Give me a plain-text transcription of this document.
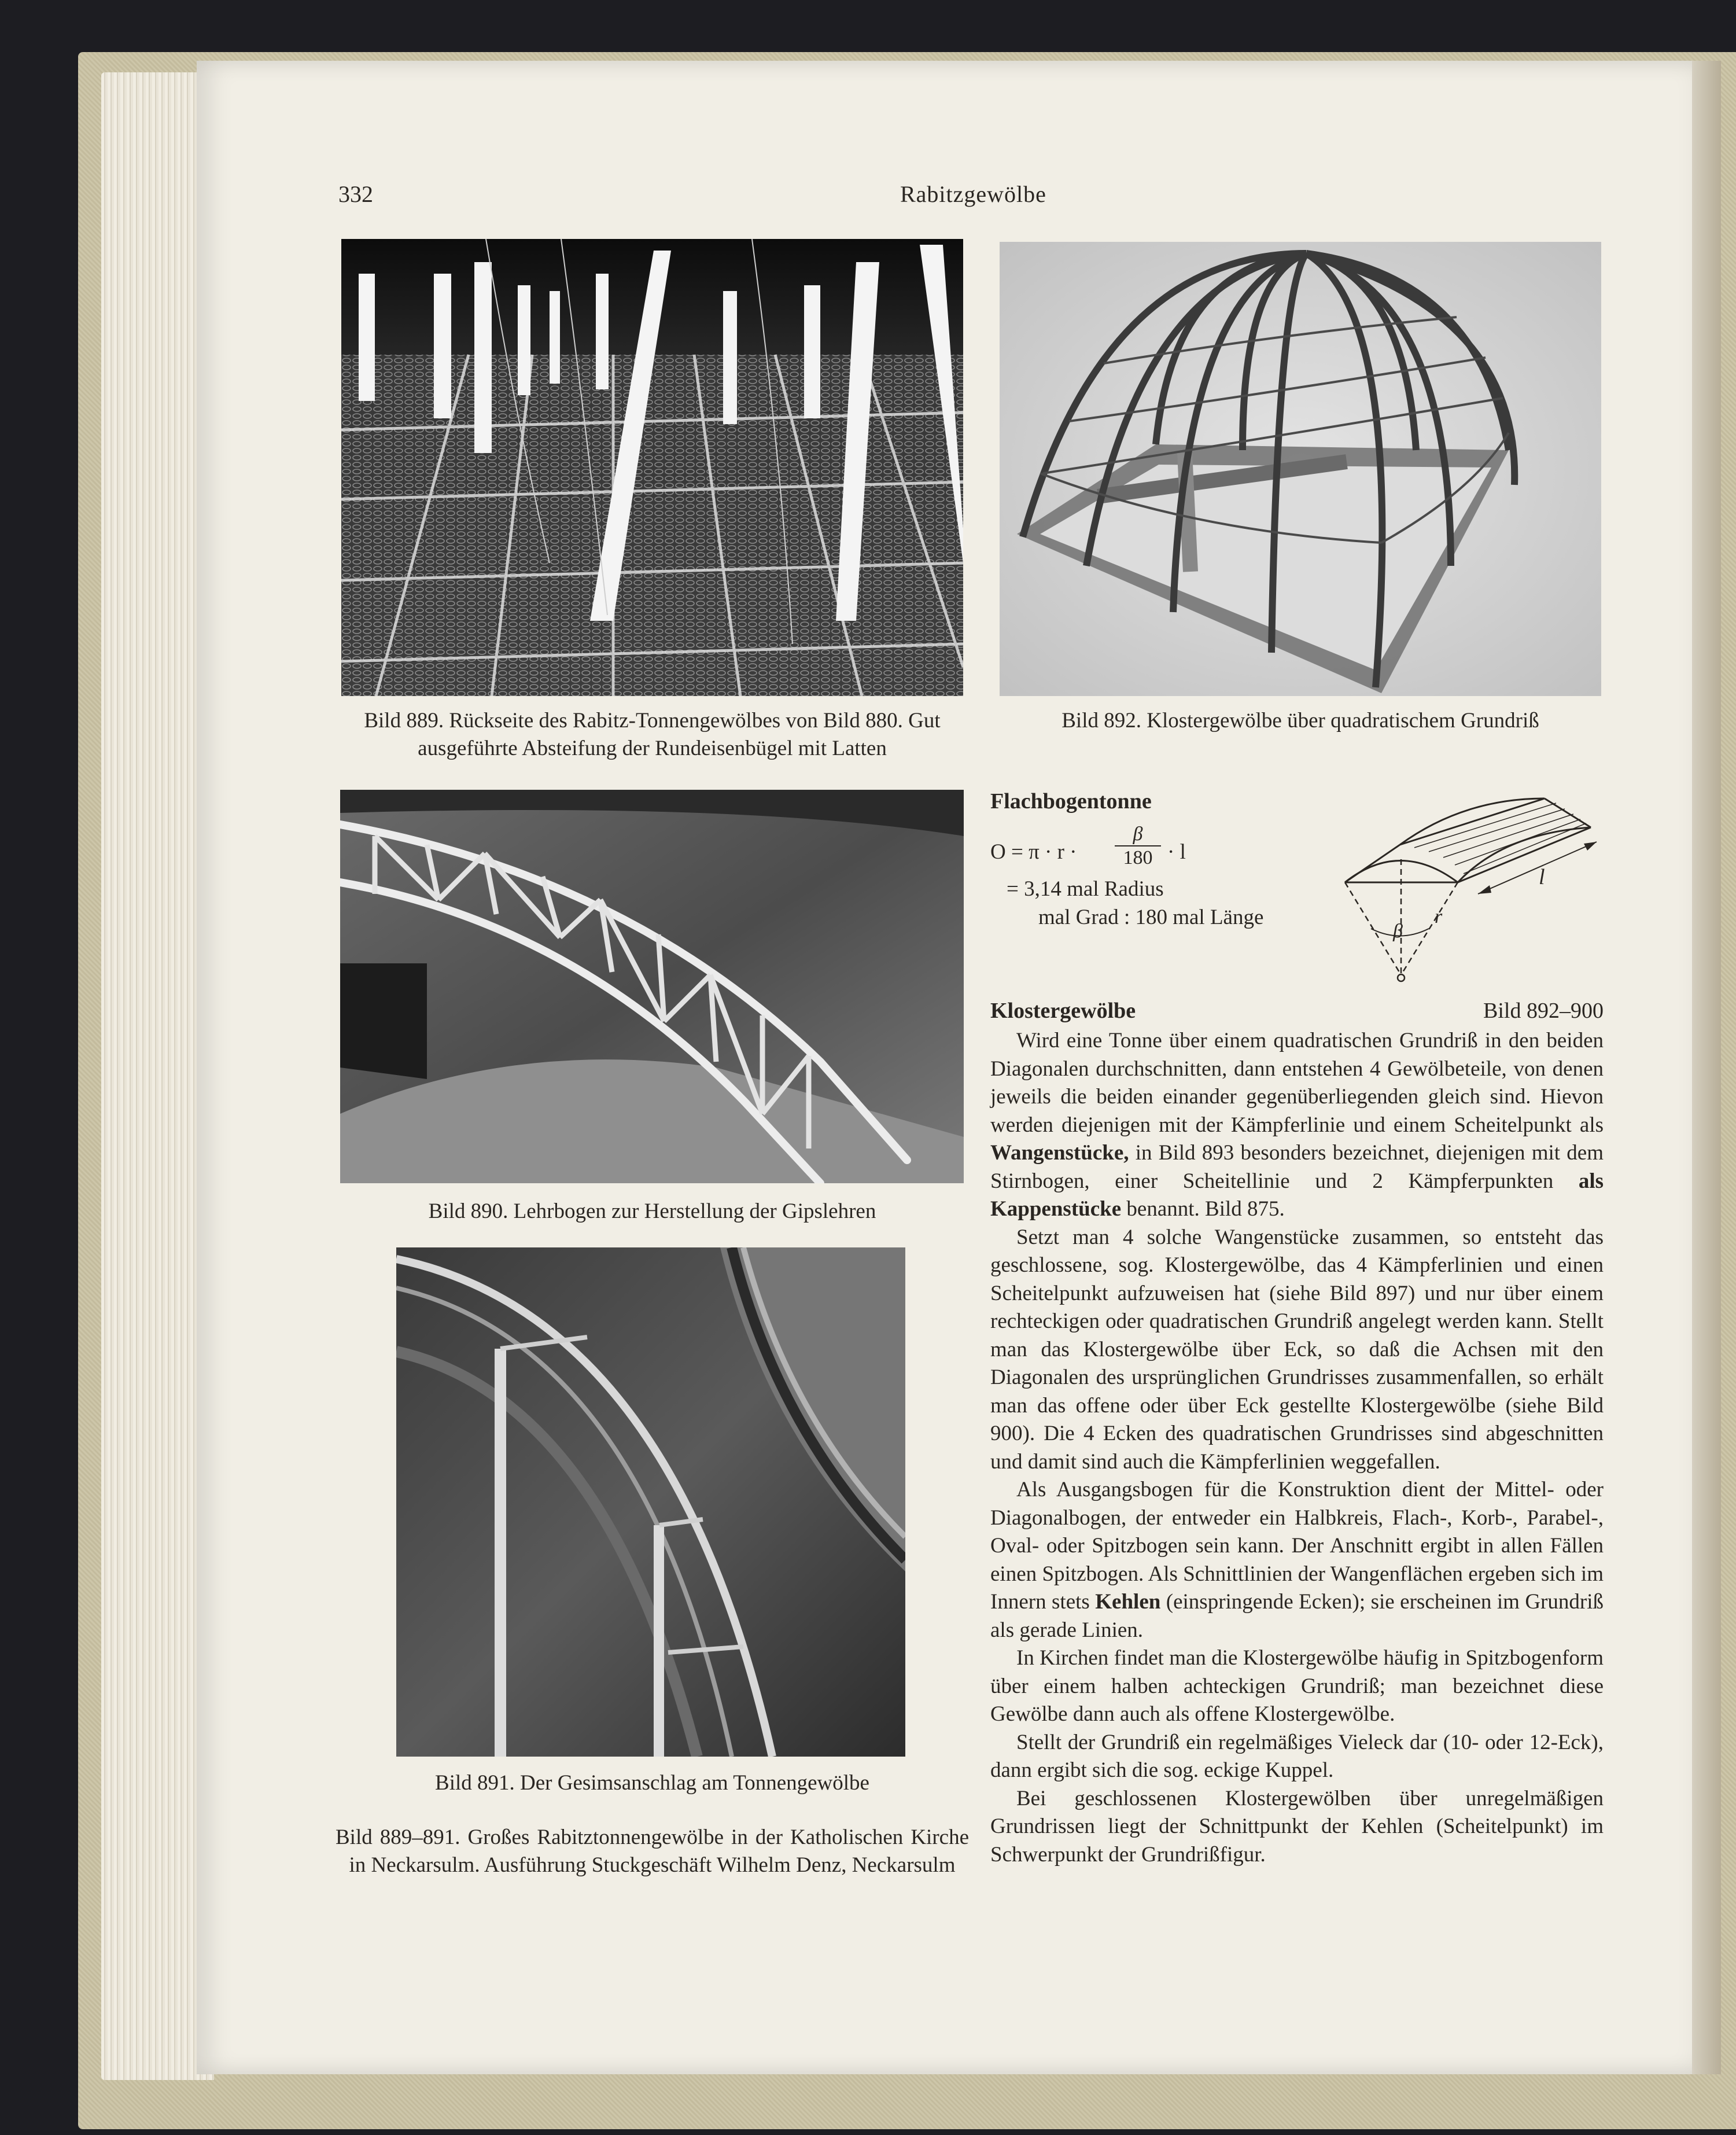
332	Rabitzgewölbe
Bild 889. Rückseite des Rabitz-Tonnengewölbes von Bild 880. Gut ausgeführte Absteifung der Rundeisenbügel mit Latten
Bild 892. Klostergewölbe über quadratischem Grundriß
Bild 890. Lehrbogen zur Herstellung der Gipslehren
Bild 891. Der Gesimsanschlag am Tonnengewölbe
Bild 889–891. Großes Rabitztonnengewölbe in der Katholischen Kirche in Neckarsulm. Ausführung Stuckgeschäft Wilhelm Denz, Neckarsulm
Flachbogentonne
O = π · r ·
β
180 · l
= 3,14 mal Radius
mal Grad : 180 mal Länge
l
β
r
Klostergewölbe	Bild 892–900

Wird eine Tonne über einem quadratischen Grundriß in den beiden Diagonalen durchschnitten, dann entstehen 4 Gewölbeteile, von denen jeweils die beiden einander gegenüberliegenden gleich sind. Hievon werden diejenigen mit der Kämpferlinie und einem Scheitelpunkt als Wangenstücke, in Bild 893 besonders bezeichnet, diejenigen mit dem Stirnbogen, einer Scheitellinie und 2 Kämpferpunkten als Kappenstücke benannt. Bild 875.

Setzt man 4 solche Wangenstücke zusammen, so entsteht das geschlossene, sog. Klostergewölbe, das 4 Kämpferlinien und einen Scheitelpunkt aufzuweisen hat (siehe Bild 897) und nur über einem rechteckigen oder quadratischen Grundriß angelegt werden kann. Stellt man das Klostergewölbe über Eck, so daß die Achsen mit den Diagonalen des ursprünglichen Grundrisses zusammenfallen, so erhält man das offene oder über Eck gestellte Klostergewölbe (siehe Bild 900). Die 4 Ecken des quadratischen Grundrisses sind abgeschnitten und damit sind auch die Kämpferlinien weggefallen.

Als Ausgangsbogen für die Konstruktion dient der Mittel- oder Diagonalbogen, der entweder ein Halbkreis, Flach-, Korb-, Parabel-, Oval- oder Spitzbogen sein kann. Der Anschnitt ergibt in allen Fällen einen Spitzbogen. Als Schnittlinien der Wangenflächen ergeben sich im Innern stets Kehlen (einspringende Ecken); sie erscheinen im Grundriß als gerade Linien.

In Kirchen findet man die Klostergewölbe häufig in Spitzbogenform über einem halben achteckigen Grundriß; man bezeichnet diese Gewölbe dann auch als offene Klostergewölbe.

Stellt der Grundriß ein regelmäßiges Vieleck dar (10- oder 12-Eck), dann ergibt sich die sog. eckige Kuppel.

Bei geschlossenen Klostergewölben über unregelmäßigen Grundrissen liegt der Schnittpunkt der Kehlen (Scheitelpunkt) im Schwerpunkt der Grundrißfigur.
